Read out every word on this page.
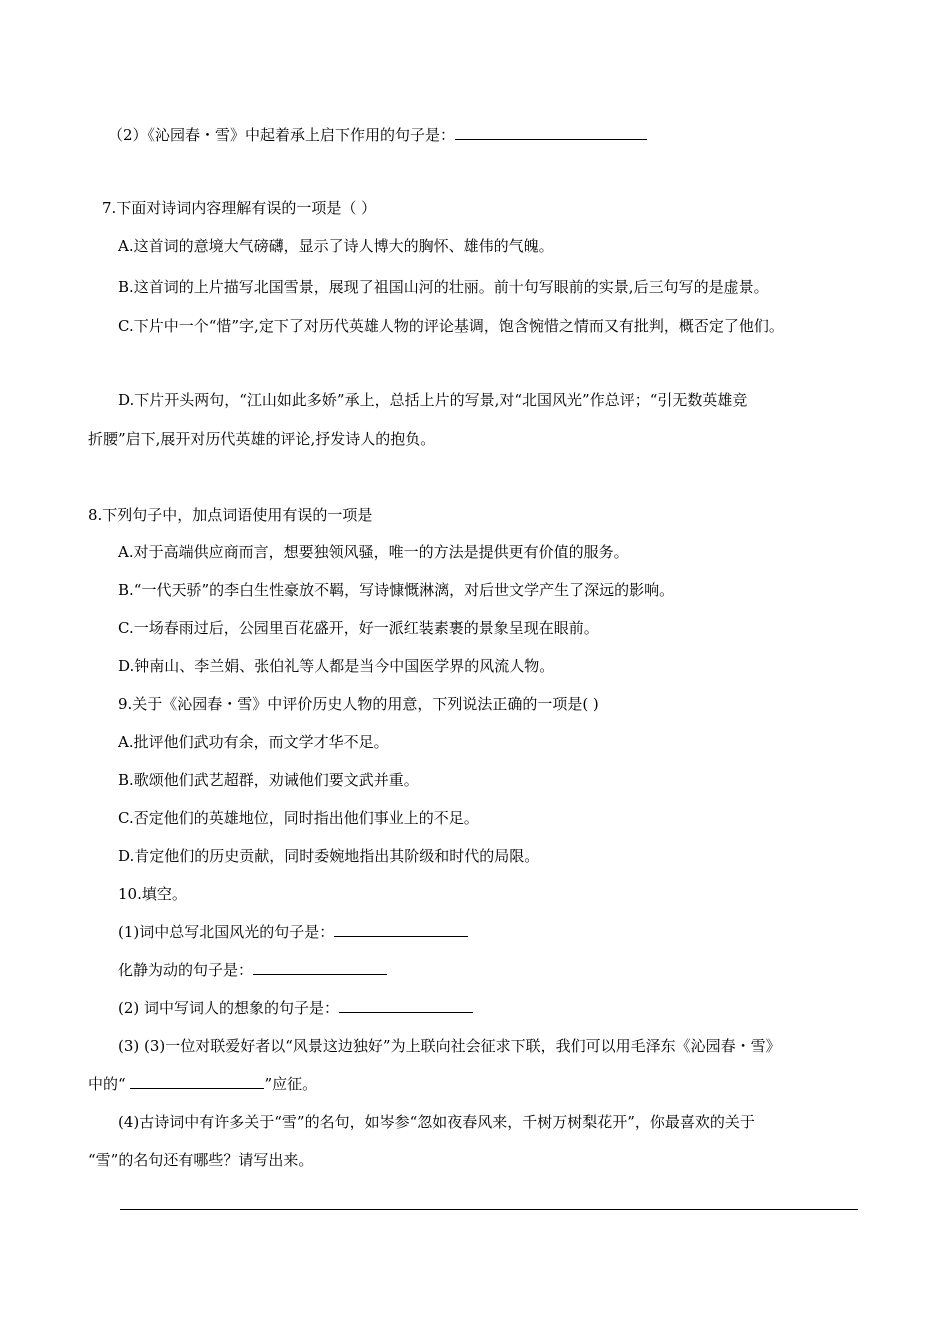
（2）《沁园春・雪》中起着承上启下作用的句子是：
7.下面对诗词内容理解有误的一项是（ ）
A.这首词的意境大气磅礴，显示了诗人博大的胸怀、雄伟的气魄。
B.这首词的上片描写北国雪景，展现了祖国山河的壮丽。前十句写眼前的实景,后三句写的是虚景。
C.下片中一个“惜”字,定下了对历代英雄人物的评论基调，饱含惋惜之情而又有批判，概否定了他们。
D.下片开头两句，“江山如此多娇”承上，总括上片的写景,对“北国风光”作总评；“引无数英雄竞
折腰”启下,展开对历代英雄的评论,抒发诗人的抱负。
8.下列句子中，加点词语使用有误的一项是
A.对于高端供应商而言，想要独领风骚，唯一的方法是提供更有价值的服务。
B.“一代天骄”的李白生性豪放不羁，写诗慷慨淋漓，对后世文学产生了深远的影响。
C.一场春雨过后，公园里百花盛开，好一派红装素裹的景象呈现在眼前。
D.钟南山、李兰娟、张伯礼等人都是当今中国医学界的风流人物。
9.关于《沁园春・雪》中评价历史人物的用意，下列说法正确的一项是( )
A.批评他们武功有余，而文学才华不足。
B.歌颂他们武艺超群，劝诫他们要文武并重。
C.否定他们的英雄地位，同时指出他们事业上的不足。
D.肯定他们的历史贡献，同时委婉地指出其阶级和时代的局限。
10.填空。
(1)词中总写北国风光的句子是：
化静为动的句子是：
(2) 词中写词人的想象的句子是：
(3) (3)一位对联爱好者以“风景这边独好”为上联向社会征求下联，我们可以用毛泽东《沁园春・雪》
中的“	”应征。
(4)古诗词中有许多关于“雪”的名句，如岑参“忽如夜春风来，千树万树梨花开”，你最喜欢的关于
“雪”的名句还有哪些？请写出来。
